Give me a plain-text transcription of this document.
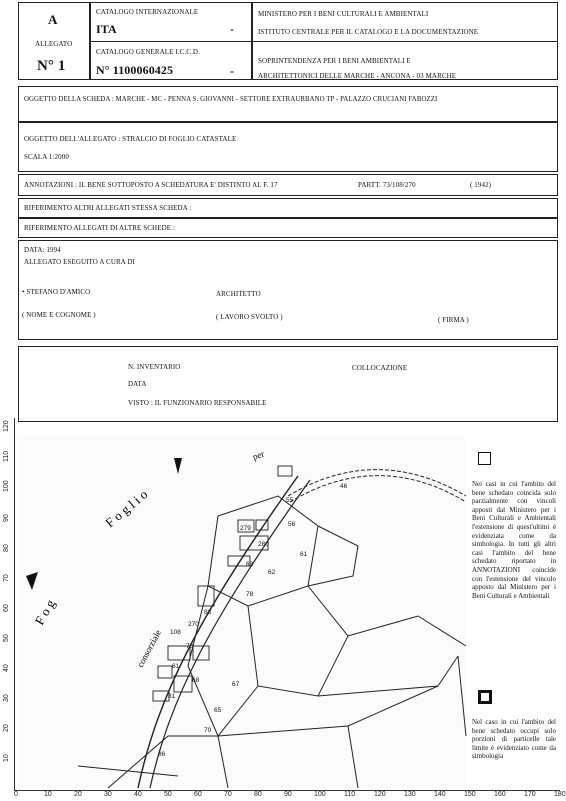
A
ALLEGATO
N° 1
CATALOGO INTERNAZIONALE
ITA	-
CATALOGO GENERALE I.C.C.D.
N° 1100060425	-
MINISTERO PER I BENI CULTURALI E AMBIENTALI
ISTITUTO CENTRALE PER IL CATALOGO E LA DOCUMENTAZIONE
SOPRINTENDENZA PER I BENI AMBIENTALI E
ARCHITETTONICI DELLE MARCHE - ANCONA - 03 MARCHE
OGGETTO DELLA SCHEDA : MARCHE - MC - PENNA S. GIOVANNI - SETTORE EXTRAURBANO TP - PALAZZO CRUCIANI FABOZZI
OGGETTO DELL'ALLEGATO : STRALCIO DI FOGLIO CATASTALE
SCALA 1:2000
ANNOTAZIONI : IL BENE SOTTOPOSTO A SCHEDATURA E' DISTINTO AL F. 17	PARTT. 73/108/270	( 1942)
RIFERIMENTO ALTRI ALLEGATI STESSA SCHEDA :
RIFERIMENTO ALLEGATI DI ALTRE SCHEDE :
DATA: 1994
ALLEGATO ESEGUITO A CURA DI
• STEFANO D'AMICO	ARCHITETTO
( NOME E COGNOME )	( LAVORO SVOLTO )	( FIRMA )
N. INVENTARIO	COLLOCAZIONE
DATA
VISTO : IL FUNZIONARIO RESPONSABILE
120
110
100
90
80
70
60
50
40
30
20
10
0	10	20	30	40	50	60	70	80	90	100	110	120	130	140	150	160	170	180
F o g l i o
F o g
consorziale
per
279
280
270
108
73
61
62
70
86
55
56
61
81
65
67
68
83
78
46
63
Nei casi in cui l'ambito del bene schedato coincida solo parzialmente con vincoli apposti dal Ministero per i Beni Culturali e Ambientali l'estensione di quest'ultimi è evidenziata come da simbologia. In tutti gli altri casi l'ambito del bene schedato riportato in ANNOTAZIONI coincide con l'estensione del vincolo apposto dal Ministero per i Beni Culturali e Ambientali
Nel caso in cui l'ambito del bene schedato occupi solo porzioni di particelle tale limite è evidenziato come da simbologia
